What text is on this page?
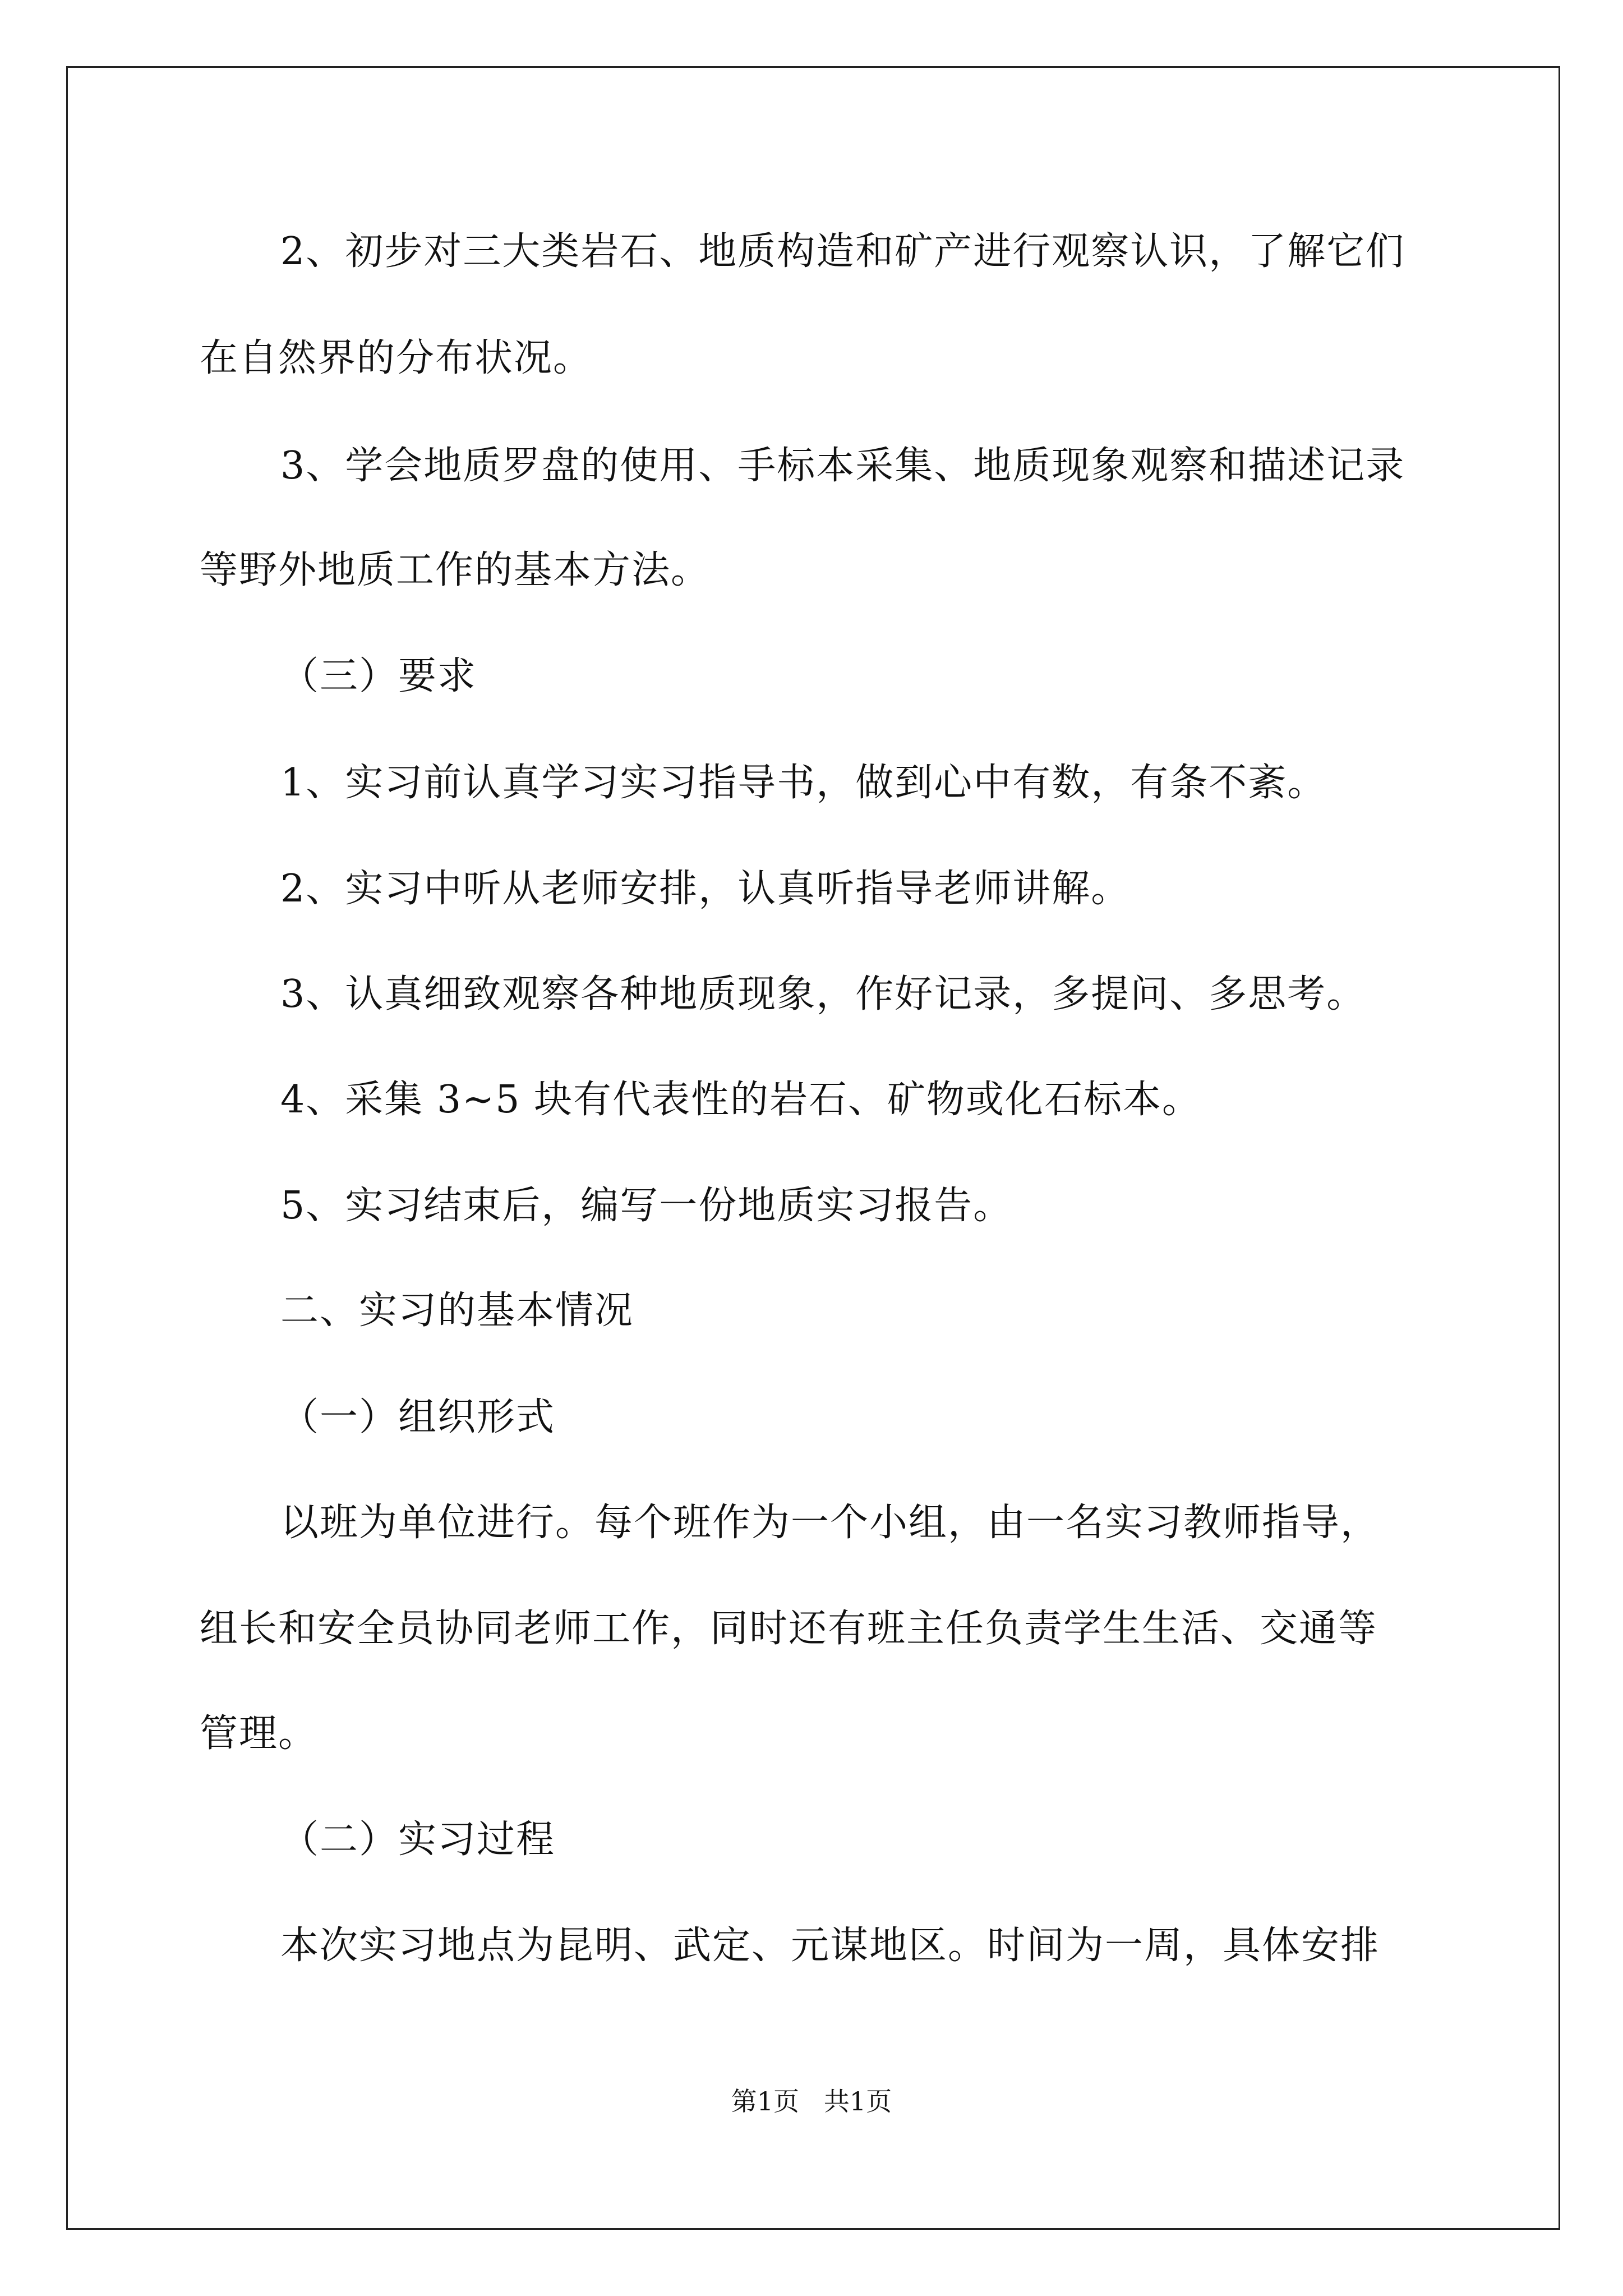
2、初步对三大类岩石、地质构造和矿产进行观察认识，了解它们
在自然界的分布状况。
3、学会地质罗盘的使用、手标本采集、地质现象观察和描述记录
等野外地质工作的基本方法。
（三）要求
1、实习前认真学习实习指导书，做到心中有数，有条不紊。
2、实习中听从老师安排，认真听指导老师讲解。
3、认真细致观察各种地质现象，作好记录，多提问、多思考。
4、采集 3~5 块有代表性的岩石、矿物或化石标本。
5、实习结束后，编写一份地质实习报告。
二、实习的基本情况
（一）组织形式
以班为单位进行。每个班作为一个小组，由一名实习教师指导，
组长和安全员协同老师工作，同时还有班主任负责学生生活、交通等
管理。
（二）实习过程
本次实习地点为昆明、武定、元谋地区。时间为一周，具体安排
第1页   共1页
